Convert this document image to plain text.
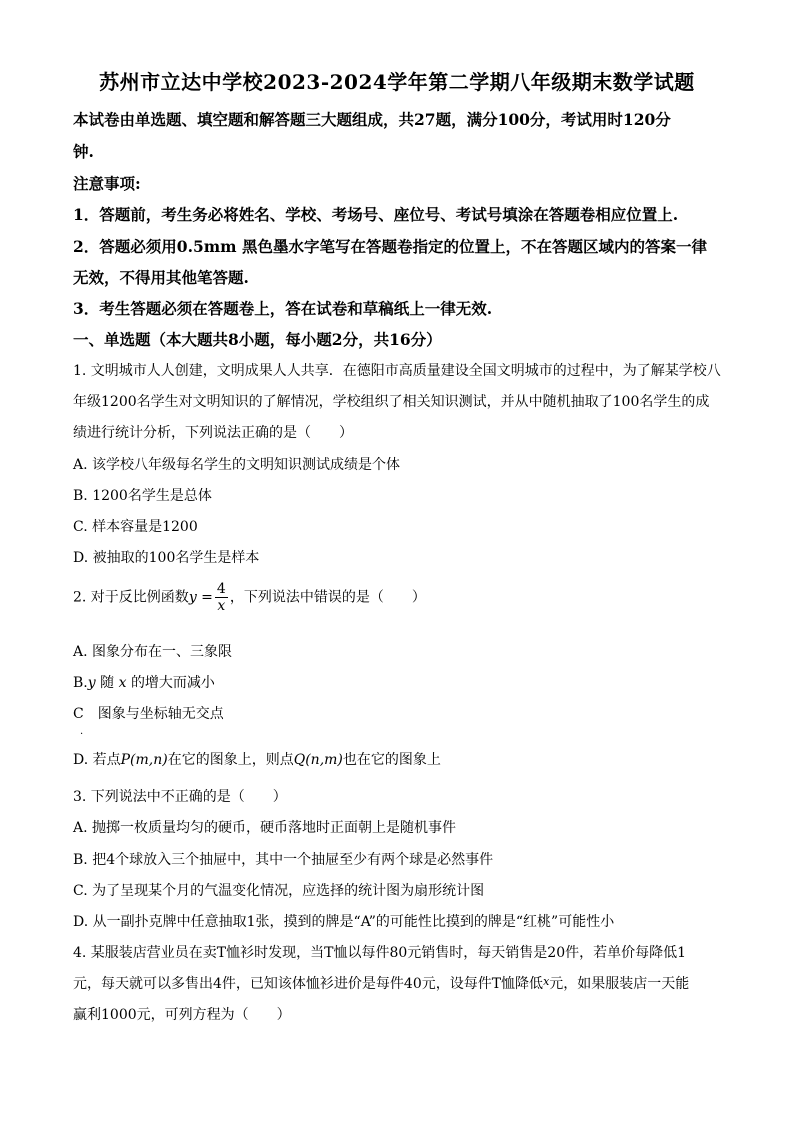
苏州市立达中学校2023-2024学年第二学期八年级期末数学试题
本试卷由单选题、填空题和解答题三大题组成，共27题，满分100分，考试用时120分
钟.
注意事项:
1．答题前，考生务必将姓名、学校、考场号、座位号、考试号填涂在答题卷相应位置上.
2．答题必须用0.5mm 黑色墨水字笔写在答题卷指定的位置上，不在答题区域内的答案一律
无效，不得用其他笔答题.
3．考生答题必须在答题卷上，答在试卷和草稿纸上一律无效.
一、单选题（本大题共8小题，每小题2分，共16分）
1. 文明城市人人创建，文明成果人人共享．在德阳市高质量建设全国文明城市的过程中，为了解某学校八
年级1200名学生对文明知识的了解情况，学校组织了相关知识测试，并从中随机抽取了100名学生的成
绩进行统计分析，下列说法正确的是（　　）
A. 该学校八年级每名学生的文明知识测试成绩是个体
B. 1200名学生是总体
C. 样本容量是1200
D. 被抽取的100名学生是样本
2. 对于反比例函数$y = \frac{4}{x}$ ，下列说法中错误的是（　　）
A. 图象分布在一、三象限
B.y 随 x 的增大而减小
C　图象与坐标轴无交点
.
D. 若点P(m,n)在它的图象上，则点Q(n,m)也在它的图象上
3. 下列说法中不正确的是（　　）
A. 抛掷一枚质量均匀的硬币，硬币落地时正面朝上是随机事件
B. 把4个球放入三个抽屉中，其中一个抽屉至少有两个球是必然事件
C. 为了呈现某个月的气温变化情况，应选择的统计图为扇形统计图
D. 从一副扑克牌中任意抽取1张，摸到的牌是“A”的可能性比摸到的牌是“红桃”可能性小
4. 某服装店营业员在卖T恤衫时发现，当T恤以每件80元销售时，每天销售是20件，若单价每降低1
元，每天就可以多售出4件，已知该体恤衫进价是每件40元，设每件T恤降低$^x$元，如果服装店一天能
赢利1000元，可列方程为（　　）
